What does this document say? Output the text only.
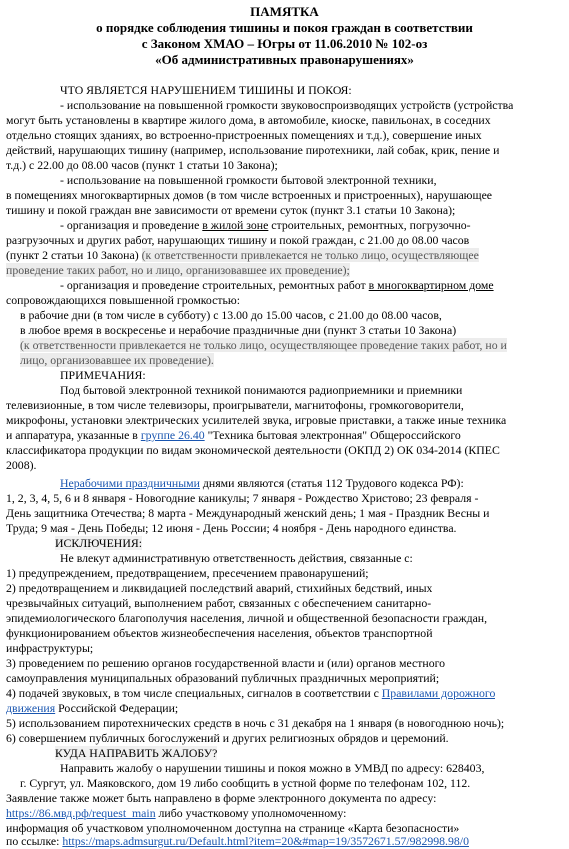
ПАМЯТКА
о порядке соблюдения тишины и покоя граждан в соответствии
с Законом ХМАО – Югры от 11.06.2010 № 102-оз
«Об административных правонарушениях»
ЧТО ЯВЛЯЕТСЯ НАРУШЕНИЕМ ТИШИНЫ И ПОКОЯ:
- использование на повышенной громкости звуковоспроизводящих устройств (устройства
могут быть установлены в квартире жилого дома, в автомобиле, киоске, павильонах, в соседних
отдельно стоящих зданиях, во встроенно-пристроенных помещениях и т.д.), совершение иных
действий, нарушающих тишину (например, использование пиротехники, лай собак, крик, пение и
т.д.) с 22.00 до 08.00 часов (пункт 1 статьи 10 Закона);
- использование на повышенной громкости бытовой электронной техники,
в помещениях многоквартирных домов (в том числе встроенных и пристроенных), нарушающее
тишину и покой граждан вне зависимости от времени суток (пункт 3.1 статьи 10 Закона);
- организация и проведение в жилой зоне строительных, ремонтных, погрузочно-
разгрузочных и других работ, нарушающих тишину и покой граждан, с 21.00 до 08.00 часов
(пункт 2 статьи 10 Закона) (к ответственности привлекается не только лицо, осуществляющее
проведение таких работ, но и лицо, организовавшее их проведение);
- организация и проведение строительных, ремонтных работ в многоквартирном доме
сопровождающихся повышенной громкостью:
в рабочие дни (в том числе в субботу) с 13.00 до 15.00 часов, с 21.00 до 08.00 часов,
в любое время в воскресенье и нерабочие праздничные дни (пункт 3 статьи 10 Закона)
(к ответственности привлекается не только лицо, осуществляющее проведение таких работ, но и
лицо, организовавшее их проведение).
ПРИМЕЧАНИЯ:
Под бытовой электронной техникой понимаются радиоприемники и приемники
телевизионные, в том числе телевизоры, проигрыватели, магнитофоны, громкоговорители,
микрофоны, установки электрических усилителей звука, игровые приставки, а также иные техника
и аппаратура, указанные в группе 26.40 "Техника бытовая электронная" Общероссийского
классификатора продукции по видам экономической деятельности (ОКПД 2) ОК 034-2014 (КПЕС
2008).
Нерабочими праздничными днями являются (статья 112 Трудового кодекса РФ):
1, 2, 3, 4, 5, 6 и 8 января - Новогодние каникулы; 7 января - Рождество Христово; 23 февраля -
День защитника Отечества; 8 марта - Международный женский день; 1 мая - Праздник Весны и
Труда; 9 мая - День Победы; 12 июня - День России; 4 ноября - День народного единства.
ИСКЛЮЧЕНИЯ:
Не влекут административную ответственность действия, связанные с:
1) предупреждением, предотвращением, пресечением правонарушений;
2) предотвращением и ликвидацией последствий аварий, стихийных бедствий, иных
чрезвычайных ситуаций, выполнением работ, связанных с обеспечением санитарно-
эпидемиологического благополучия населения, личной и общественной безопасности граждан,
функционированием объектов жизнеобеспечения населения, объектов транспортной
инфраструктуры;
3) проведением по решению органов государственной власти и (или) органов местного
самоуправления муниципальных образований публичных праздничных мероприятий;
4) подачей звуковых, в том числе специальных, сигналов в соответствии с Правилами дорожного
движения Российской Федерации;
5) использованием пиротехнических средств в ночь с 31 декабря на 1 января (в новогоднюю ночь);
6) совершением публичных богослужений и других религиозных обрядов и церемоний.
КУДА НАПРАВИТЬ ЖАЛОБУ?
Направить жалобу о нарушении тишины и покоя можно в УМВД по адресу: 628403,
г. Сургут, ул. Маяковского, дом 19 либо сообщить в устной форме по телефонам 102, 112.
Заявление также может быть направлено в форме электронного документа по адресу:
https://86.мвд.рф/request_main либо участковому уполномоченному:
информация об участковом уполномоченном доступна на странице «Карта безопасности»
по ссылке: https://maps.admsurgut.ru/Default.html?item=20&#map=19/3572671.57/982998.98/0
